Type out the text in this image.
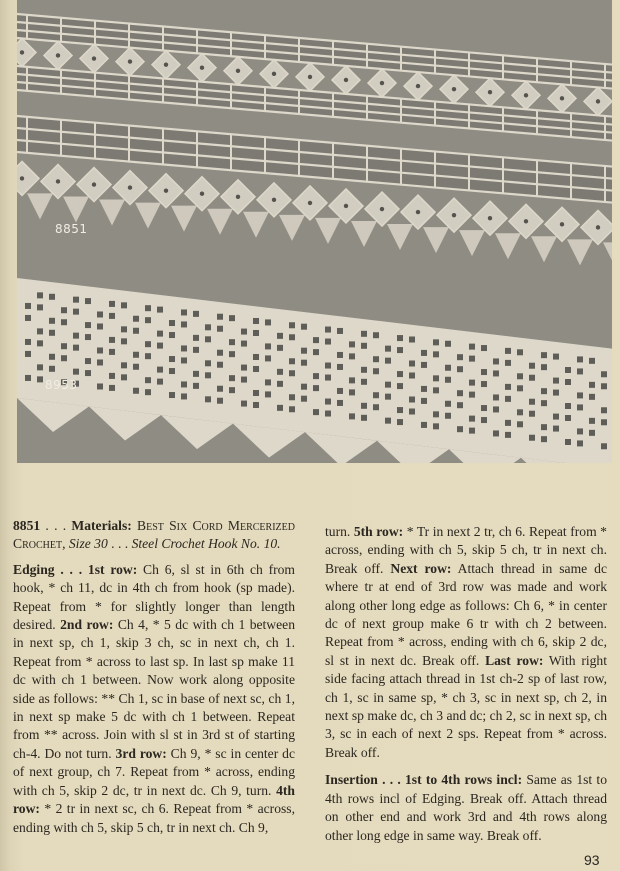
8851
8953

8851 . . . Materials: Best Six Cord Mercerized Crochet, Size 30 . . . Steel Crochet Hook No. 10.

Edging . . . 1st row: Ch 6, sl st in 6th ch from hook, * ch 11, dc in 4th ch from hook (sp made). Repeat from * for slightly longer than length desired. 2nd row: Ch 4, * 5 dc with ch 1 between in next sp, ch 1, skip 3 ch, sc in next ch, ch 1. Repeat from * across to last sp. In last sp make 11 dc with ch 1 between. Now work along opposite side as follows: ** Ch 1, sc in base of next sc, ch 1, in next sp make 5 dc with ch 1 between. Repeat from ** across. Join with sl st in 3rd st of starting ch-4. Do not turn. 3rd row: Ch 9, * sc in center dc of next group, ch 7. Repeat from * across, ending with ch 5, skip 2 dc, tr in next dc. Ch 9, turn. 4th row: * 2 tr in next sc, ch 6. Repeat from * across, ending with ch 5, skip 5 ch, tr in next ch. Ch 9,

turn. 5th row: * Tr in next 2 tr, ch 6. Repeat from * across, ending with ch 5, skip 5 ch, tr in next ch. Break off. Next row: Attach thread in same dc where tr at end of 3rd row was made and work along other long edge as follows: Ch 6, * in center dc of next group make 6 tr with ch 2 between. Repeat from * across, ending with ch 6, skip 2 dc, sl st in next dc. Break off. Last row: With right side facing attach thread in 1st ch-2 sp of last row, ch 1, sc in same sp, * ch 3, sc in next sp, ch 2, in next sp make dc, ch 3 and dc; ch 2, sc in next sp, ch 3, sc in each of next 2 sps. Repeat from * across. Break off.

Insertion . . . 1st to 4th rows incl: Same as 1st to 4th rows incl of Edging. Break off. Attach thread on other end and work 3rd and 4th rows along other long edge in same way. Break off.

93
